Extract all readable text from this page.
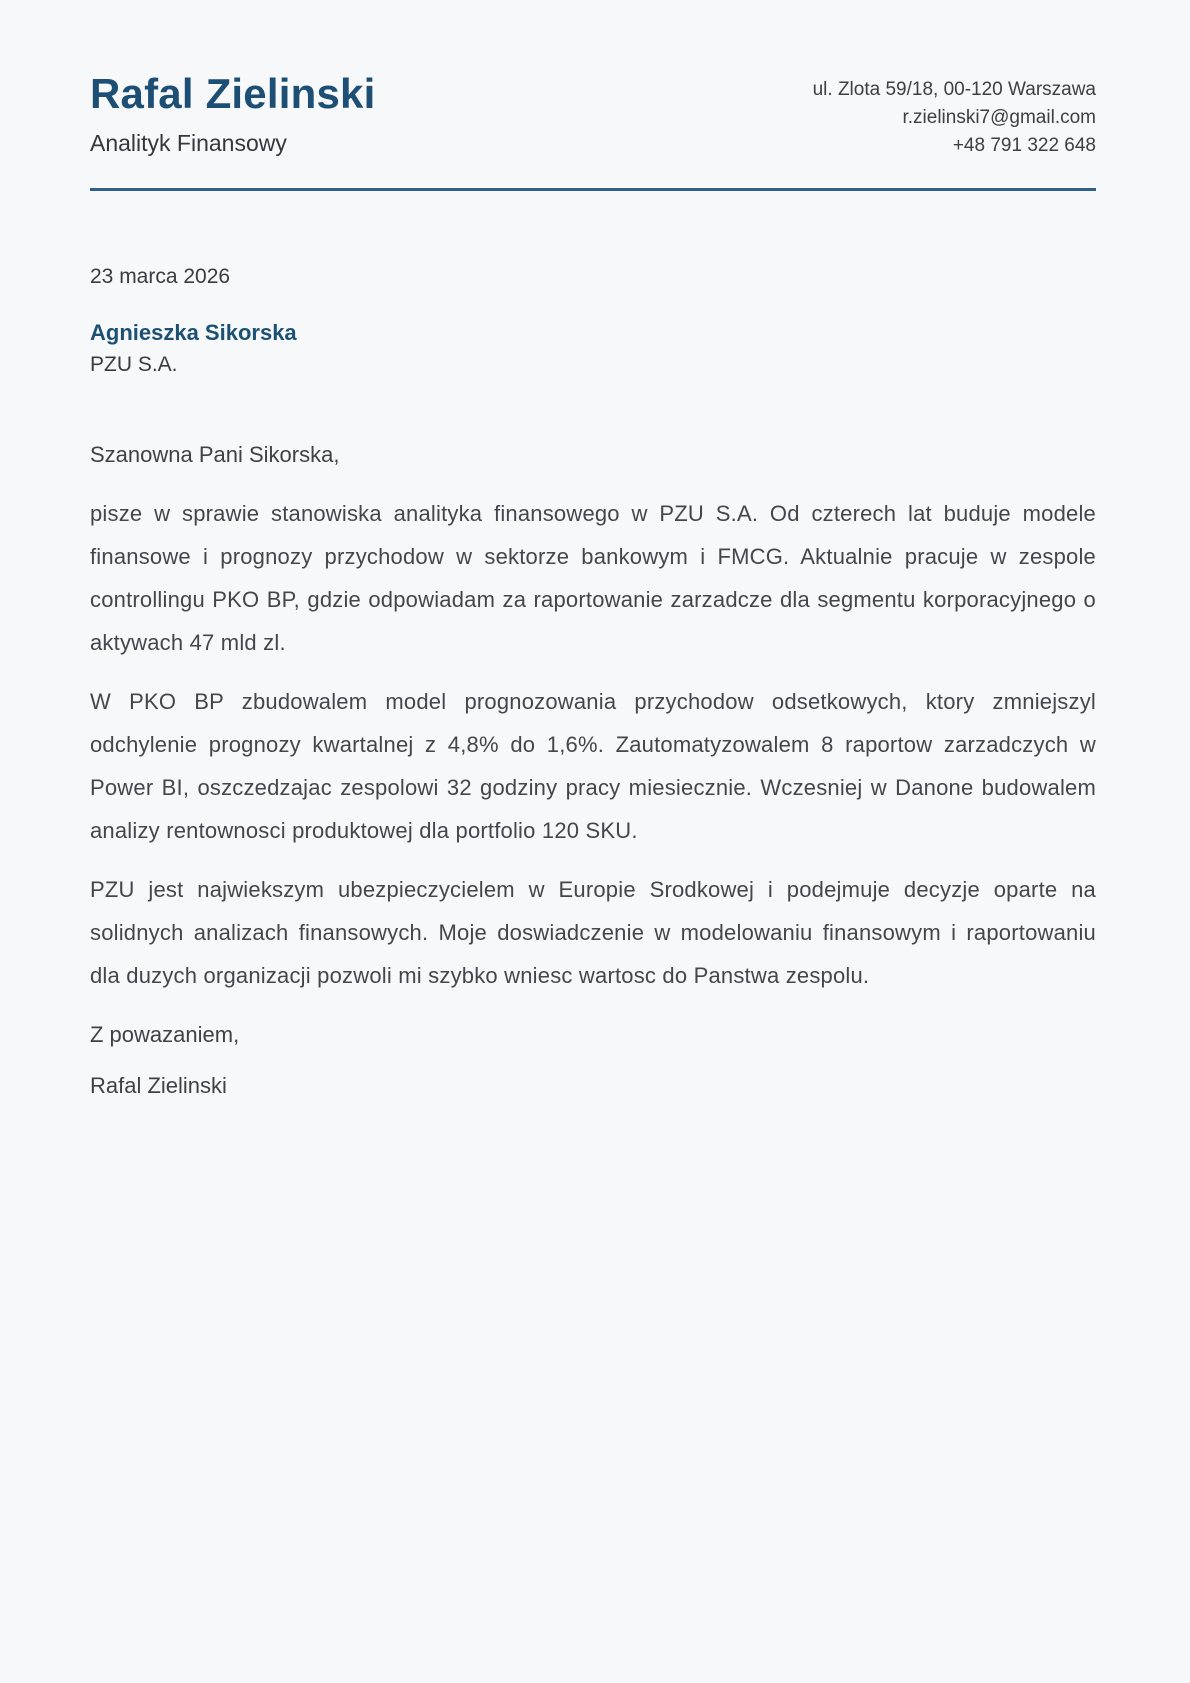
Rafal Zielinski
Analityk Finansowy
ul. Zlota 59/18, 00-120 Warszawa
r.zielinski7@gmail.com
+48 791 322 648
23 marca 2026
Agnieszka Sikorska
PZU S.A.

Szanowna Pani Sikorska,

pisze w sprawie stanowiska analityka finansowego w PZU S.A. Od czterech lat buduje modele finansowe i prognozy przychodow w sektorze bankowym i FMCG. Aktualnie pracuje w zespole controllingu PKO BP, gdzie odpowiadam za raportowanie zarzadcze dla segmentu korporacyjnego o aktywach 47 mld zl.

W PKO BP zbudowalem model prognozowania przychodow odsetkowych, ktory zmniejszyl odchylenie prognozy kwartalnej z 4,8% do 1,6%. Zautomatyzowalem 8 raportow zarzadczych w Power BI, oszczedzajac zespolowi 32 godziny pracy miesiecznie. Wczesniej w Danone budowalem analizy rentownosci produktowej dla portfolio 120 SKU.

PZU jest najwiekszym ubezpieczycielem w Europie Srodkowej i podejmuje decyzje oparte na solidnych analizach finansowych. Moje doswiadczenie w modelowaniu finansowym i raportowaniu dla duzych organizacji pozwoli mi szybko wniesc wartosc do Panstwa zespolu.

Z powazaniem,

Rafal Zielinski
